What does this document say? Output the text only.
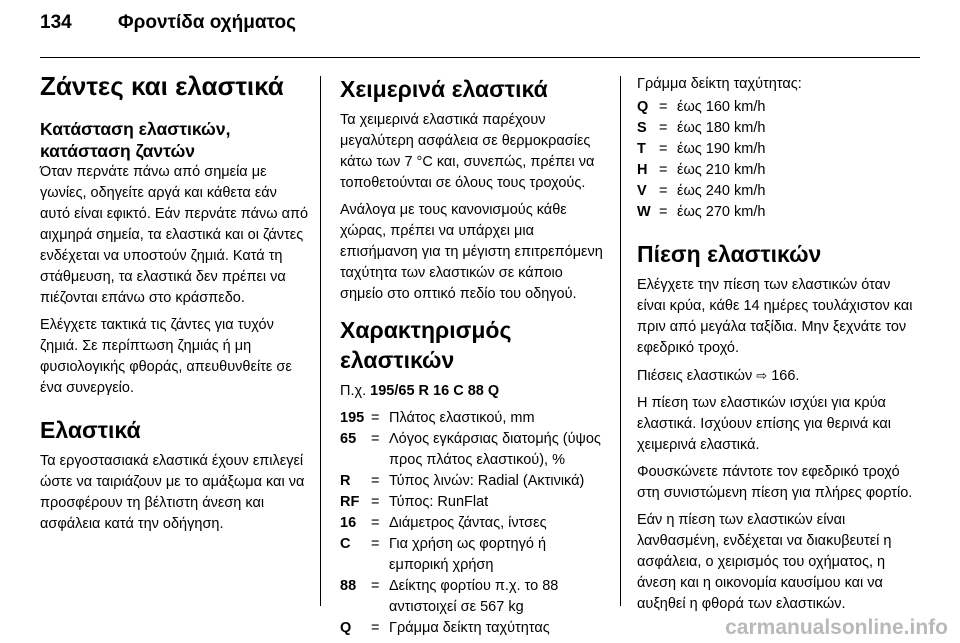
134 Φροντίδα οχήματος
Ζάντες και ελαστικά
Κατάσταση ελαστικών, κατάσταση ζαντών

Όταν περνάτε πάνω από σημεία με γωνίες, οδηγείτε αργά και κάθετα εάν αυτό είναι εφικτό. Εάν περνάτε πάνω από αιχμηρά σημεία, τα ελαστικά και οι ζάντες ενδέχεται να υποστούν ζημιά. Κατά τη στάθμευση, τα ελαστικά δεν πρέπει να πιέζονται επάνω στο κράσπεδο.

Ελέγχετε τακτικά τις ζάντες για τυχόν ζημιά. Σε περίπτωση ζημιάς ή μη φυσιολογικής φθοράς, απευθυνθείτε σε ένα συνεργείο.

Ελαστικά

Τα εργοστασιακά ελαστικά έχουν επιλεγεί ώστε να ταιριάζουν με το αμάξωμα και να προσφέρουν τη βέλτιστη άνεση και ασφάλεια κατά την οδήγηση.

Χειμερινά ελαστικά

Τα χειμερινά ελαστικά παρέχουν μεγαλύτερη ασφάλεια σε θερμοκρασίες κάτω των 7 °C και, συνεπώς, πρέπει να τοποθετούνται σε όλους τους τροχούς.

Ανάλογα με τους κανονισμούς κάθε χώρας, πρέπει να υπάρχει μια επισήμανση για τη μέγιστη επιτρεπόμενη ταχύτητα των ελαστικών σε κάποιο σημείο στο οπτικό πεδίο του οδηγού.

Χαρακτηρισμός ελαστικών

Π.χ. 195/65 R 16 C 88 Q

195 = Πλάτος ελαστικού, mm
65	= Λόγος εγκάρσιας διατομής (ύψος προς πλάτος ελαστικού), %
R	= Τύπος λινών: Radial (Ακτινικά)
RF = Τύπος: RunFlat
16	= Διάμετρος ζάντας, ίντσες
C	= Για χρήση ως φορτηγό ή εμπορική χρήση
88	= Δείκτης φορτίου π.χ. το 88 αντιστοιχεί σε 567 kg
Q	= Γράμμα δείκτη ταχύτητας

Γράμμα δείκτη ταχύτητας:

Q = έως 160 km/h
S = έως 180 km/h
T = έως 190 km/h
H = έως 210 km/h
V = έως 240 km/h
W = έως 270 km/h
Πίεση ελαστικών

Ελέγχετε την πίεση των ελαστικών όταν είναι κρύα, κάθε 14 ημέρες τουλάχιστον και πριν από μεγάλα ταξίδια. Μην ξεχνάτε τον εφεδρικό τροχό.

Πιέσεις ελαστικών ⇨ 166.

Η πίεση των ελαστικών ισχύει για κρύα ελαστικά. Ισχύουν επίσης για θερινά και χειμερινά ελαστικά.

Φουσκώνετε πάντοτε τον εφεδρικό τροχό στη συνιστώμενη πίεση για πλήρες φορτίο.

Εάν η πίεση των ελαστικών είναι λανθασμένη, ενδέχεται να διακυβευτεί η ασφάλεια, ο χειρισμός του οχήματος, η άνεση και η οικονομία καυσίμου και να αυξηθεί η φθορά των ελαστικών.

carmanualsonline.info
